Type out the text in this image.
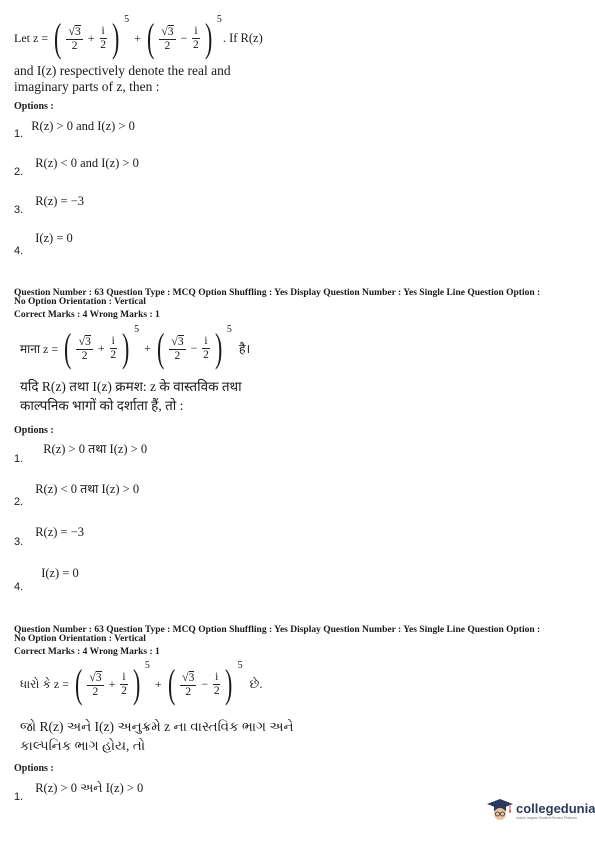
Let z = ( $\frac{√3}{2} + \frac{i}{2}$ ) 5
+ ( $\frac{√3}{2} - \frac{i}{2}$ ) 5
. If R(z)
and I(z) respectively denote the real and
imaginary parts of z, then :
Options :
$_{1.}$ R(z) > 0 and I(z) > 0
$_{2.}$ R(z) < 0 and I(z) > 0
$_{3.}$ R(z) = −3
$_{4.}$ I(z) = 0
Question Number : 63 Question Type : MCQ Option Shuffling : Yes Display Question Number : Yes Single Line Question Option :
No Option Orientation : Vertical
Correct Marks : 4 Wrong Marks : 1
माना z = ( $\frac{√3}{2} + \frac{i}{2}$ ) 5
+ ( $\frac{√3}{2} - \frac{i}{2}$ ) 5
है।
यदि R(z) तथा I(z) क्रमश: z के वास्तविक तथा
काल्पनिक भागों को दर्शाता हैं, तो :
Options :
$_{1.}$ R(z) > 0 तथा I(z) > 0
$_{2.}$ R(z) < 0 तथा I(z) > 0
$_{3.}$ R(z) = −3
$_{4.}$ I(z) = 0
Question Number : 63 Question Type : MCQ Option Shuffling : Yes Display Question Number : Yes Single Line Question Option :
No Option Orientation : Vertical
Correct Marks : 4 Wrong Marks : 1
ધારો કે z = ( $\frac{√3}{2} + \frac{i}{2}$ ) 5
+ ( $\frac{√3}{2} - \frac{i}{2}$ ) 5
છે.
જો R(z) અને I(z) અનુક્રમે z ના વાસ્તવિક ભાગ અને
કાલ્પનિક ભાગ હોય, તો
Options :
$_{1.}$ R(z) > 0 અને I(z) > 0
collegedunia
India's largest Student Review Platform
